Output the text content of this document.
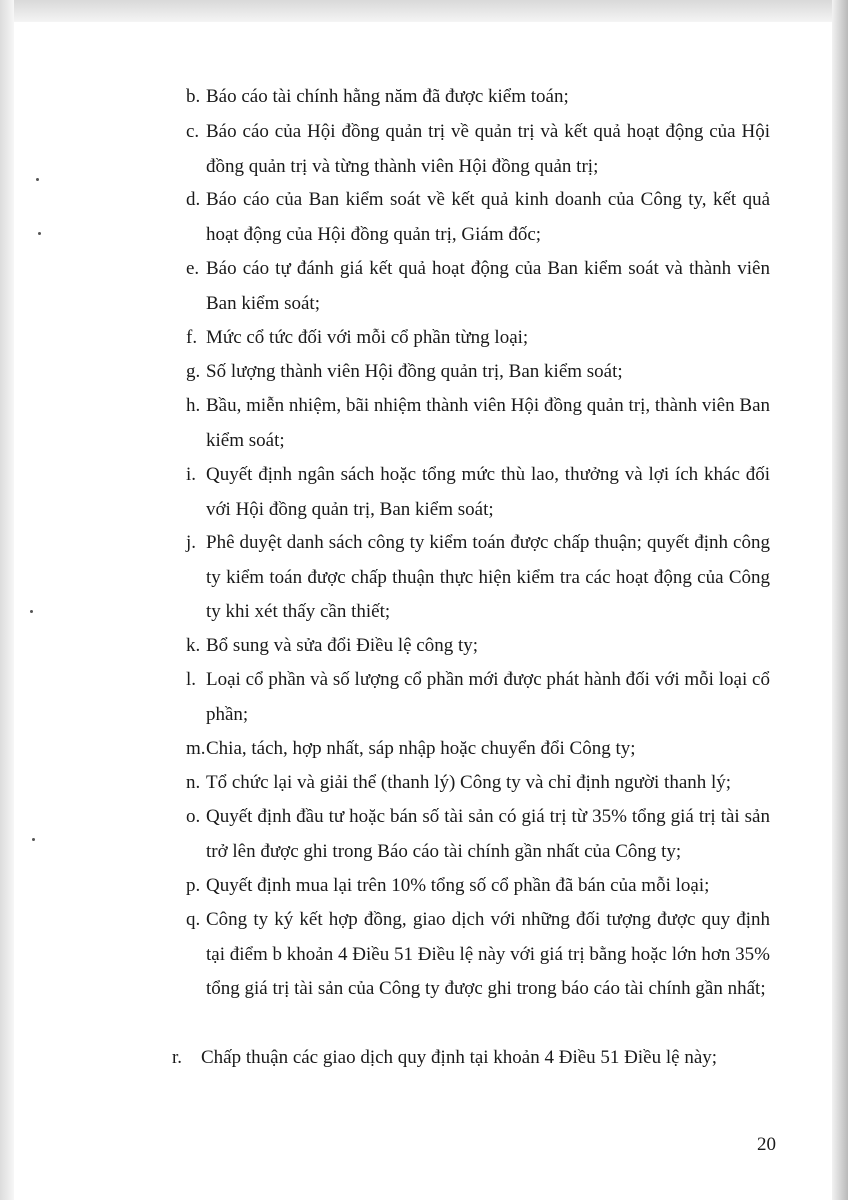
b. Báo cáo tài chính hằng năm đã được kiểm toán;
c. Báo cáo của Hội đồng quản trị về quản trị và kết quả hoạt động của Hội đồng quản trị và từng thành viên Hội đồng quản trị;
d. Báo cáo của Ban kiểm soát về kết quả kinh doanh của Công ty, kết quả hoạt động của Hội đồng quản trị, Giám đốc;
e. Báo cáo tự đánh giá kết quả hoạt động của Ban kiểm soát và thành viên Ban kiểm soát;
f. Mức cổ tức đối với mỗi cổ phần từng loại;
g. Số lượng thành viên Hội đồng quản trị, Ban kiểm soát;
h. Bầu, miễn nhiệm, bãi nhiệm thành viên Hội đồng quản trị, thành viên Ban kiểm soát;
i. Quyết định ngân sách hoặc tổng mức thù lao, thưởng và lợi ích khác đối với Hội đồng quản trị, Ban kiểm soát;
j. Phê duyệt danh sách công ty kiểm toán được chấp thuận; quyết định công ty kiểm toán được chấp thuận thực hiện kiểm tra các hoạt động của Công ty khi xét thấy cần thiết;
k. Bổ sung và sửa đổi Điều lệ công ty;
l. Loại cổ phần và số lượng cổ phần mới được phát hành đối với mỗi loại cổ phần;
m. Chia, tách, hợp nhất, sáp nhập hoặc chuyển đổi Công ty;
n. Tổ chức lại và giải thể (thanh lý) Công ty và chỉ định người thanh lý;
o. Quyết định đầu tư hoặc bán số tài sản có giá trị từ 35% tổng giá trị tài sản trở lên được ghi trong Báo cáo tài chính gần nhất của Công ty;
p. Quyết định mua lại trên 10% tổng số cổ phần đã bán của mỗi loại;
q. Công ty ký kết hợp đồng, giao dịch với những đối tượng được quy định tại điểm b khoản 4 Điều 51 Điều lệ này với giá trị bằng hoặc lớn hơn 35% tổng giá trị tài sản của Công ty được ghi trong báo cáo tài chính gần nhất;
r. Chấp thuận các giao dịch quy định tại khoản 4 Điều 51 Điều lệ này;
20
